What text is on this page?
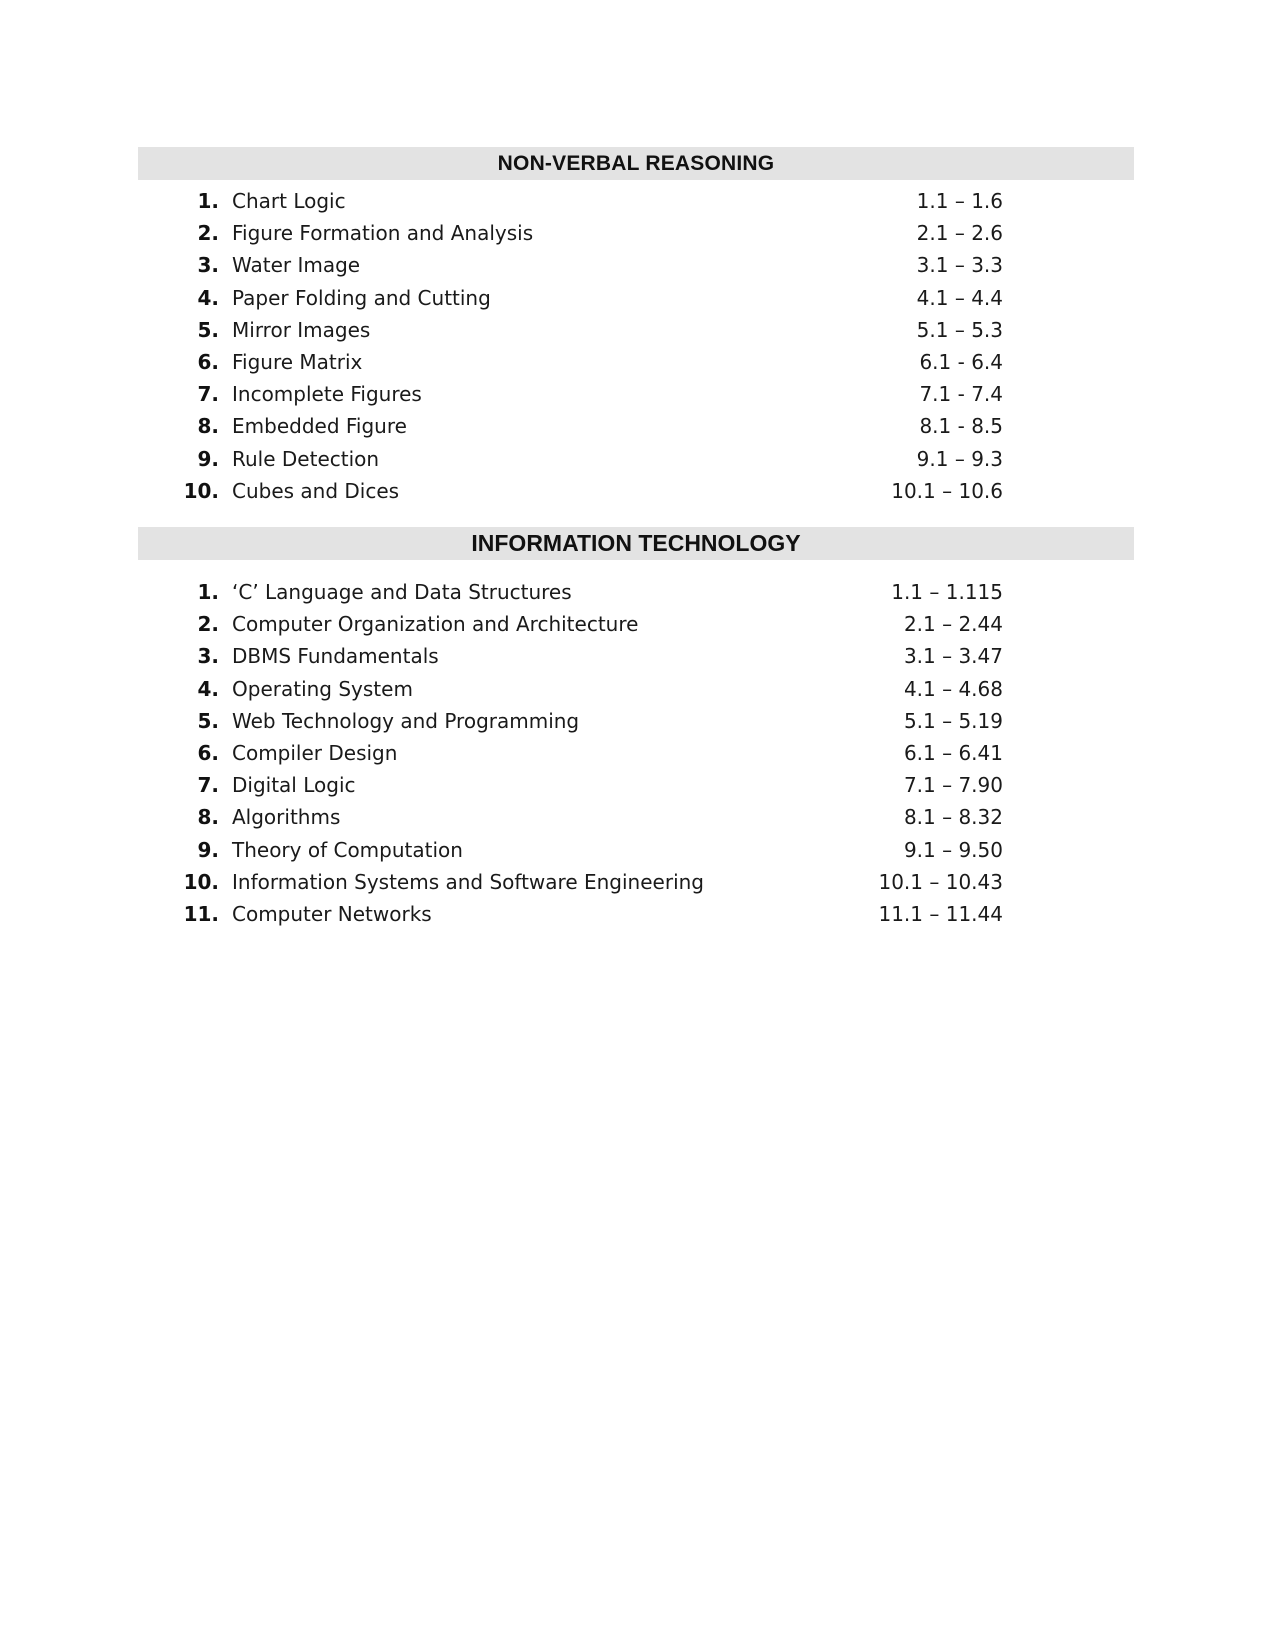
NON-VERBAL REASONING
1. Chart Logic	1.1 – 1.6
2. Figure Formation and Analysis	2.1 – 2.6
3. Water Image	3.1 – 3.3
4. Paper Folding and Cutting	4.1 – 4.4
5. Mirror Images	5.1 – 5.3
6. Figure Matrix	6.1 - 6.4
7. Incomplete Figures	7.1 - 7.4
8. Embedded Figure	8.1 - 8.5
9. Rule Detection	9.1 – 9.3
10. Cubes and Dices	10.1 – 10.6
INFORMATION TECHNOLOGY
1. ‘C’ Language and Data Structures	1.1 – 1.115
2. Computer Organization and Architecture	2.1 – 2.44
3. DBMS Fundamentals	3.1 – 3.47
4. Operating System	4.1 – 4.68
5. Web Technology and Programming	5.1 – 5.19
6. Compiler Design	6.1 – 6.41
7. Digital Logic	7.1 – 7.90
8. Algorithms	8.1 – 8.32
9. Theory of Computation	9.1 – 9.50
10. Information Systems and Software Engineering	10.1 – 10.43
11. Computer Networks	11.1 – 11.44
